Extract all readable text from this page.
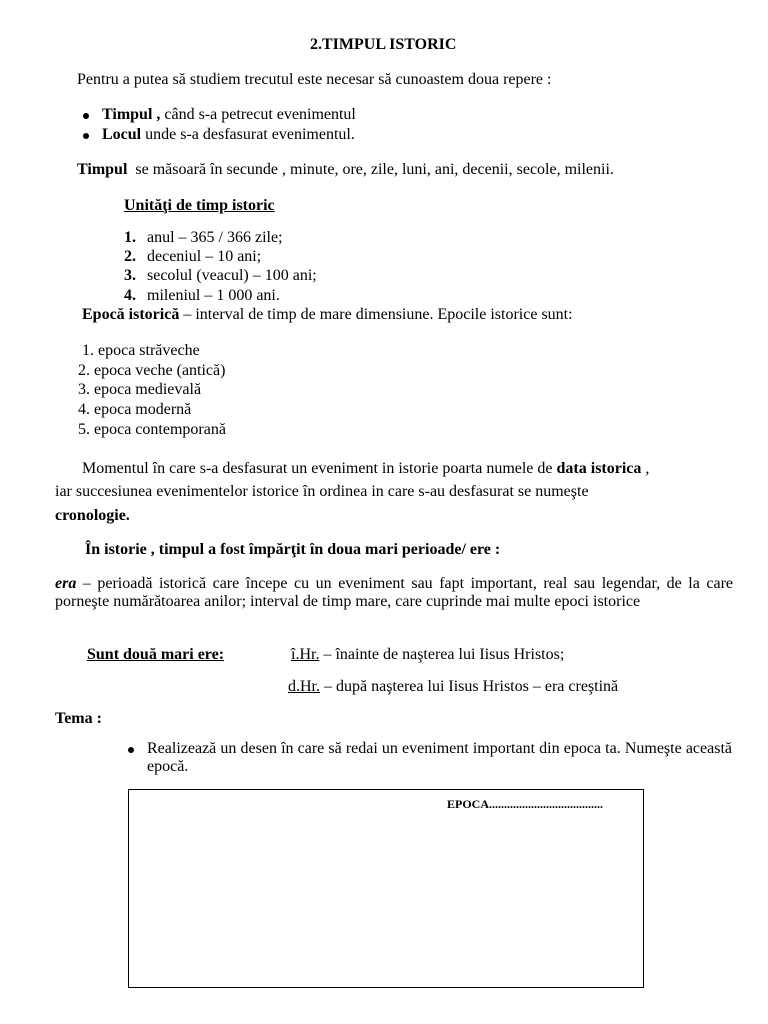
2.TIMPUL ISTORIC
Pentru a putea să studiem trecutul este necesar să cunoastem doua repere :
Timpul , când s-a petrecut evenimentul
Locul unde s-a desfasurat evenimentul.
Timpul  se măsoară în secunde , minute, ore, zile, luni, ani, decenii, secole, milenii.
Unităţi de timp istoric
1. anul – 365 / 366 zile;
2. deceniul – 10 ani;
3. secolul (veacul) – 100 ani;
4. mileniul – 1 000 ani.
Epocă istorică – interval de timp de mare dimensiune. Epocile istorice sunt:
1. epoca străveche
2. epoca veche (antică)
3. epoca medievală
4. epoca modernă
5. epoca contemporană
Momentul în care s-a desfasurat un eveniment in istorie poarta numele de data istorica ,
iar succesiunea evenimentelor istorice în ordinea in care s-au desfasurat se numeşte
cronologie.
În istorie , timpul a fost împărţit în doua mari perioade/ ere :
era – perioadă istorică care începe cu un eveniment sau fapt important, real sau legendar, de la care porneşte numărătoarea anilor; interval de timp mare, care cuprinde mai multe epoci istorice
Sunt două mari ere:	î.Hr. – înainte de naşterea lui Iisus Hristos;
d.Hr. – după naşterea lui Iisus Hristos – era creştină
Tema :
Realizează un desen în care să redai un eveniment important din epoca ta. Numeşte această epocă.
EPOCA......................................
